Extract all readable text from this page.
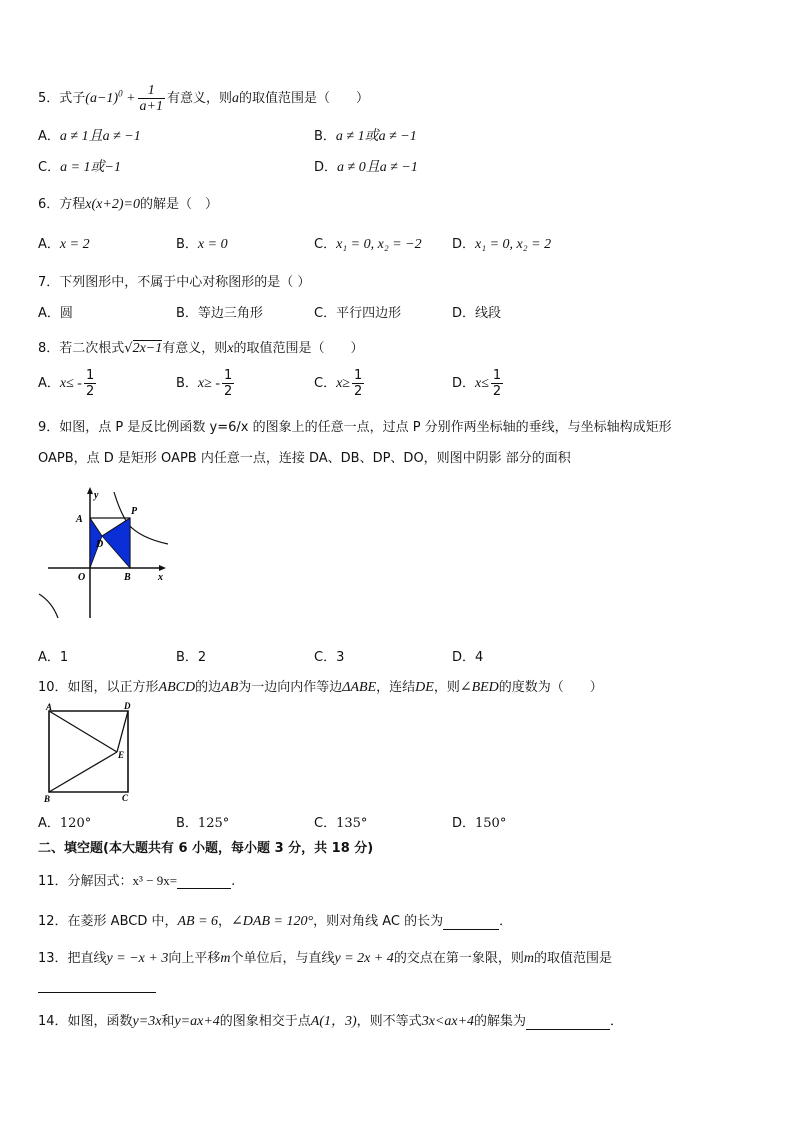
5．式子$(a-1)^0 + \frac{1}{a+1}$ 有意义，则a的取值范围是（　　）
A．a ≠ 1且a ≠ −1	B．a ≠ 1或a ≠ −1
C．a = 1或−1	D．a ≠ 0且a ≠ −1
6．方程x(x+2)=0的解是（　）
A．x = 2	B．x = 0	C．x₁ = 0, x₂ = −2 D．x₁ = 0, x₂ = 2
7．下列图形中，不属于中心对称图形的是（ ）
A．圆	B．等边三角形	C．平行四边形	D．线段
8．若二次根式√2x−1有意义，则x的取值范围是（　　）
A．$x\le - \frac{1}{2}$	B．$x\ge - \frac{1}{2}$	C．$x\ge \frac{1}{2}$	D．$x\le \frac{1}{2}$
9．如图，点 P 是反比例函数 y=6/x 的图象上的任意一点，过点 P 分别作两坐标轴的垂线，与坐标轴构成矩形
OAPB，点 D 是矩形 OAPB 内任意一点，连接 DA、DB、DP、DO，则图中阴影 部分的面积
y
A
P
D
O	B	x
A．1	B．2	C．3	D．4
10．如图，以正方形ABCD的边AB为一边向内作等边ΔABE，连结DE，则∠BED的度数为（　　）
A	D
E
B	C
A．120°	B．125°	C．135°	D．150°
二、填空题(本大题共有 6 小题，每小题 3 分，共 18 分)
11．分解因式：x³ − 9x=	.
12．在菱形 ABCD 中，AB = 6，∠DAB = 120°，则对角线 AC 的长为	．
13．把直线y = −x + 3向上平移m个单位后，与直线y = 2x + 4的交点在第一象限，则m的取值范围是
14．如图，函数y=3x和y=ax+4的图象相交于点A(1，3)，则不等式3x<ax+4的解集为	．
